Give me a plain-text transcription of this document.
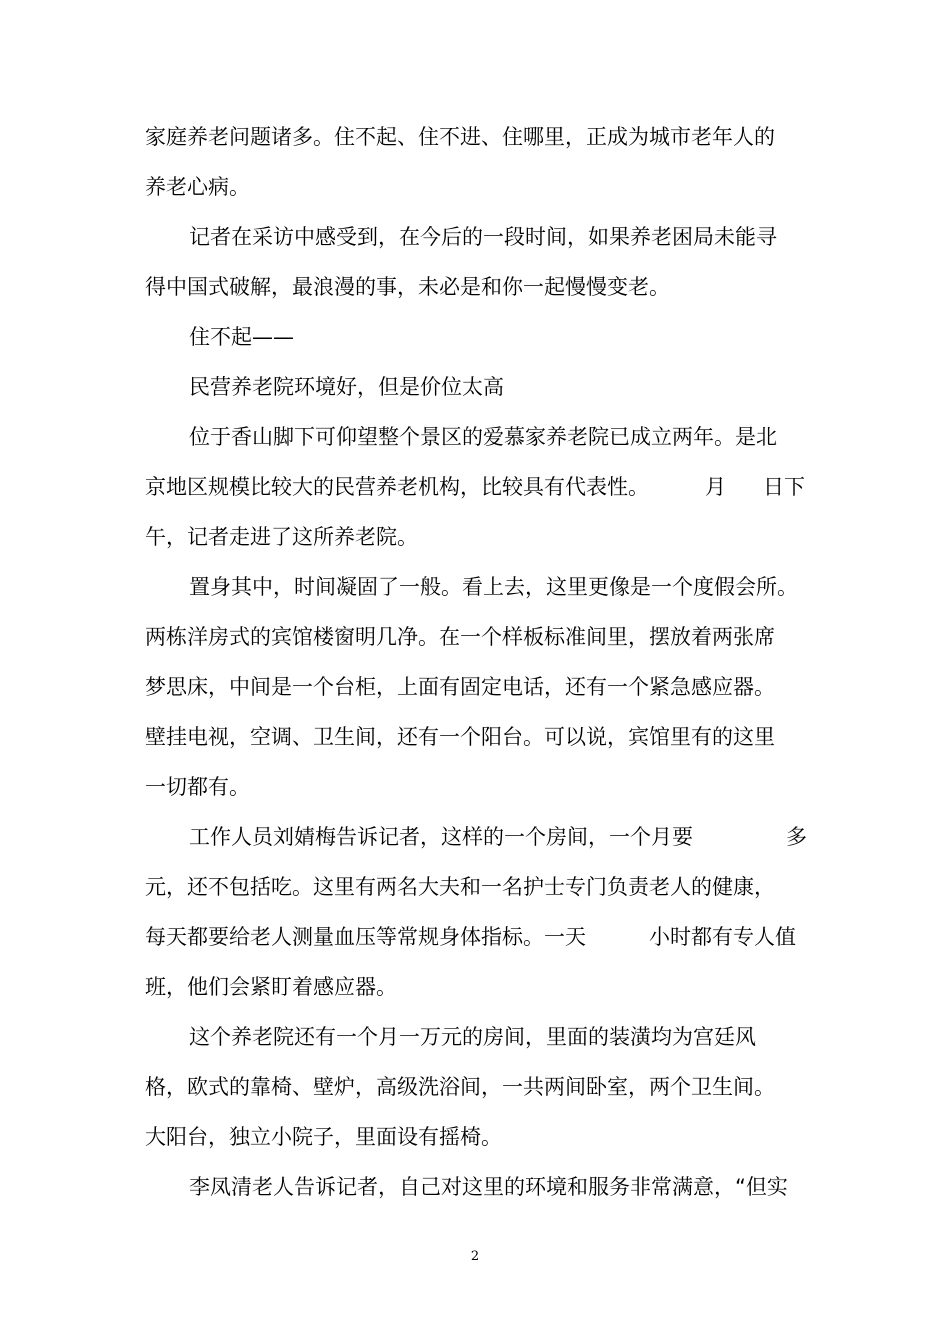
家庭养老问题诸多。住不起、住不进、住哪里，正成为城市老年人的
养老心病。
记者在采访中感受到，在今后的一段时间，如果养老困局未能寻
得中国式破解，最浪漫的事，未必是和你一起慢慢变老。
住不起——
民营养老院环境好，但是价位太高
位于香山脚下可仰望整个景区的爱慕家养老院已成立两年。是北
京地区规模比较大的民营养老机构，比较具有代表性。	月 日下
午，记者走进了这所养老院。
置身其中，时间凝固了一般。看上去，这里更像是一个度假会所。
两栋洋房式的宾馆楼窗明几净。在一个样板标准间里，摆放着两张席
梦思床，中间是一个台柜，上面有固定电话，还有一个紧急感应器。
壁挂电视，空调、卫生间，还有一个阳台。可以说，宾馆里有的这里
一切都有。
工作人员刘婧梅告诉记者，这样的一个房间，一个月要	多
元，还不包括吃。这里有两名大夫和一名护士专门负责老人的健康，
每天都要给老人测量血压等常规身体指标。一天	小时都有专人值
班，他们会紧盯着感应器。
这个养老院还有一个月一万元的房间，里面的装潢均为宫廷风
格，欧式的靠椅、壁炉，高级洗浴间，一共两间卧室，两个卫生间。
大阳台，独立小院子，里面设有摇椅。
李凤清老人告诉记者，自己对这里的环境和服务非常满意，“但实
2
